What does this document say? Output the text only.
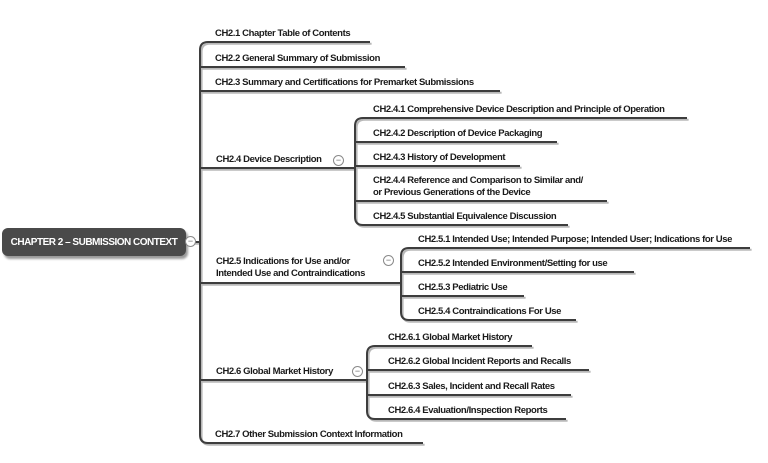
CHAPTER 2 – SUBMISSION CONTEXT	−
−
−
−
CH2.1 Chapter Table of Contents
CH2.2 General Summary of Submission
CH2.3 Summary and Certifications for Premarket Submissions
CH2.4 Device Description
CH2.5 Indications for Use and/or
Intended Use and Contraindications
CH2.6 Global Market History
CH2.7 Other Submission Context Information
CH2.4.1 Comprehensive Device Description and Principle of Operation
CH2.4.2 Description of Device Packaging
CH2.4.3 History of Development
CH2.4.4 Reference and Comparison to Similar and/
or Previous Generations of the Device
CH2.4.5 Substantial Equivalence Discussion
CH2.5.1 Intended Use; Intended Purpose; Intended User; Indications for Use
CH2.5.2 Intended Environment/Setting for use
CH2.5.3 Pediatric Use
CH2.5.4 Contraindications For Use
CH2.6.1 Global Market History
CH2.6.2 Global Incident Reports and Recalls
CH2.6.3 Sales, Incident and Recall Rates
CH2.6.4 Evaluation/Inspection Reports
